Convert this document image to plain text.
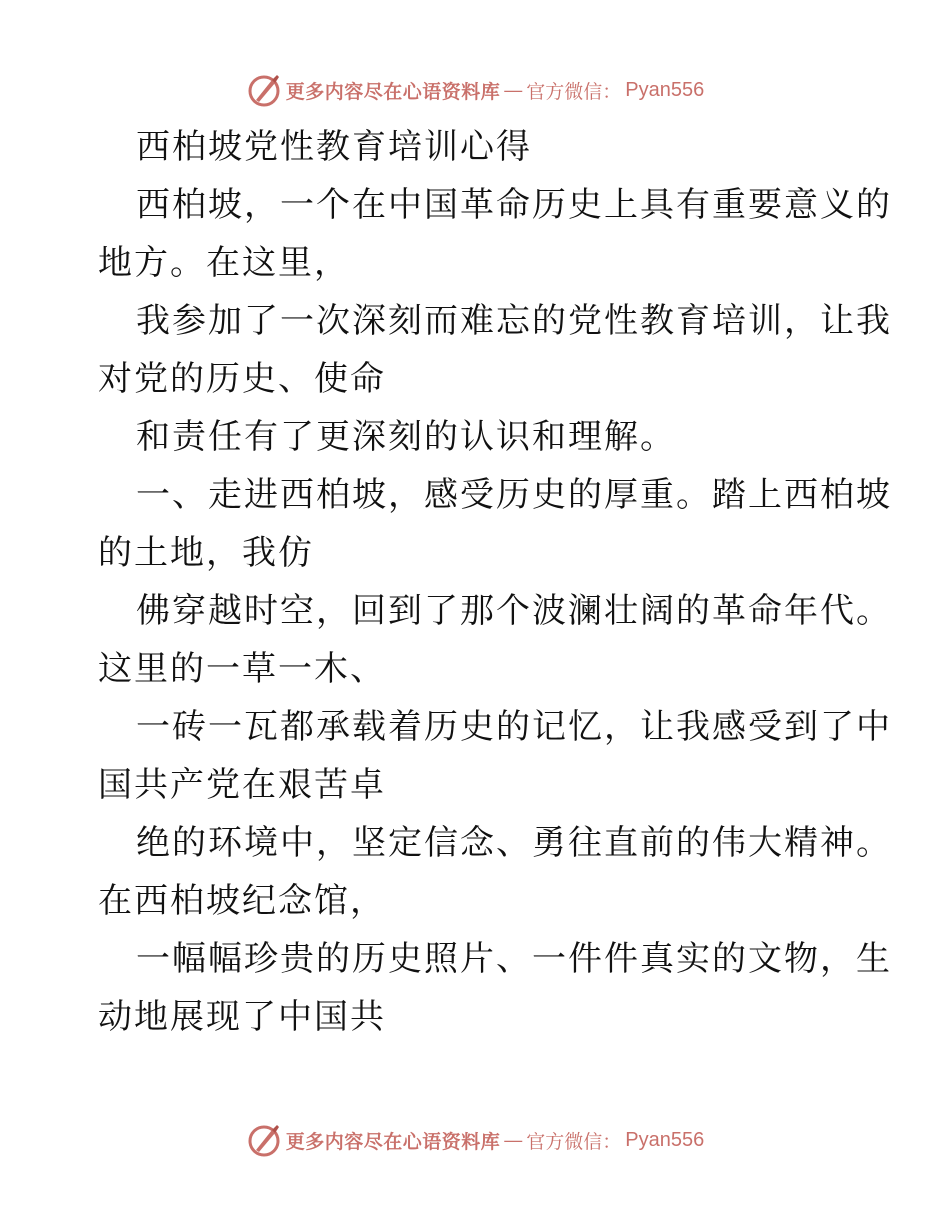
更多内容尽在心语资料库 — 官方微信： Pyan556
西柏坡党性教育培训心得
西柏坡，一个在中国革命历史上具有重要意义的
地方。在这里，
我参加了一次深刻而难忘的党性教育培训，让我
对党的历史、使命
和责任有了更深刻的认识和理解。
一、走进西柏坡，感受历史的厚重。踏上西柏坡
的土地，我仿
佛穿越时空，回到了那个波澜壮阔的革命年代。
这里的一草一木、
一砖一瓦都承载着历史的记忆，让我感受到了中
国共产党在艰苦卓
绝的环境中，坚定信念、勇往直前的伟大精神。
在西柏坡纪念馆，
一幅幅珍贵的历史照片、一件件真实的文物，生
动地展现了中国共
更多内容尽在心语资料库 — 官方微信： Pyan556
